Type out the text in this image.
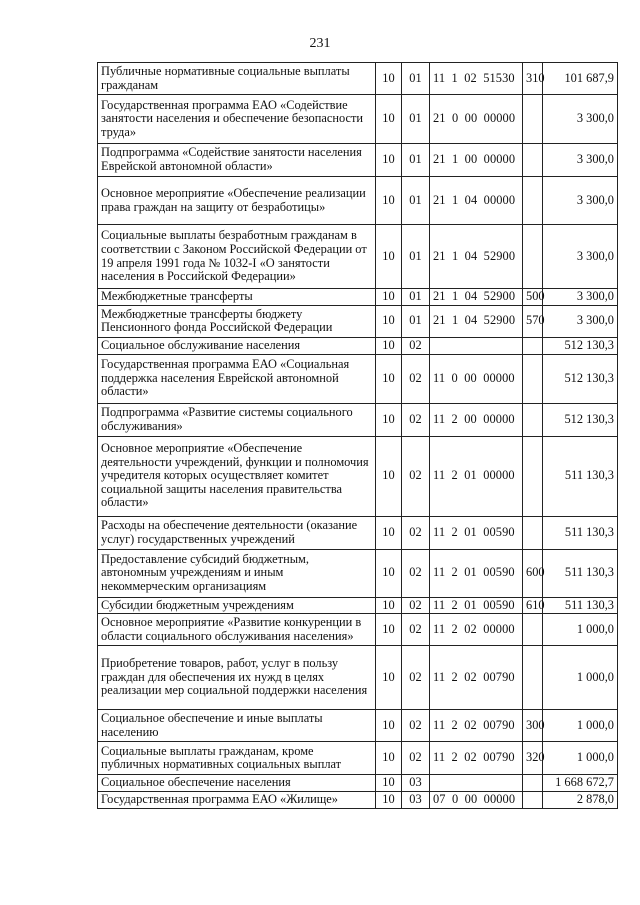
231
Публичные нормативные социальные выплаты гражданам	10	01	11  1  02  51530	310	101 687,9
Государственная программа ЕАО «Содействие занятости населения и обеспечение безопасности труда»	10	01	21  0  00  00000		3 300,0
Подпрограмма «Содействие занятости населения Еврейской автономной области»	10	01	21  1  00  00000		3 300,0
Основное мероприятие «Обеспечение реализации права граждан на защиту от безработицы»	10	01	21  1  04  00000		3 300,0
Социальные выплаты безработным гражданам в соответствии с Законом Российской Федерации от 19 апреля 1991 года № 1032-I «О занятости населения в Российской Федерации»	10	01	21  1  04  52900		3 300,0
Межбюджетные трансферты	10	01	21  1  04  52900	500	3 300,0
Межбюджетные трансферты бюджету Пенсионного фонда Российской Федерации	10	01	21  1  04  52900	570	3 300,0
Социальное обслуживание населения	10	02			512 130,3
Государственная программа ЕАО «Социальная поддержка населения Еврейской автономной области»	10	02	11  0  00  00000		512 130,3
Подпрограмма «Развитие системы социального обслуживания»	10	02	11  2  00  00000		512 130,3
Основное мероприятие «Обеспечение деятельности учреждений, функции и полномочия учредителя которых осуществляет комитет социальной защиты населения правительства области»	10	02	11  2  01  00000		511 130,3
Расходы на обеспечение деятельности (оказание услуг) государственных учреждений	10	02	11  2  01  00590		511 130,3
Предоставление субсидий бюджетным, автономным учреждениям и иным некоммерческим организациям	10	02	11  2  01  00590	600	511 130,3
Субсидии бюджетным учреждениям	10	02	11  2  01  00590	610	511 130,3
Основное мероприятие «Развитие конкуренции в области социального обслуживания населения»	10	02	11  2  02  00000		1 000,0
Приобретение товаров, работ, услуг в пользу граждан для обеспечения их нужд в целях реализации мер социальной поддержки населения	10	02	11  2  02  00790		1 000,0
Социальное обеспечение и иные выплаты населению	10	02	11  2  02  00790	300	1 000,0
Социальные выплаты гражданам, кроме публичных нормативных социальных выплат	10	02	11  2  02  00790	320	1 000,0
Социальное обеспечение населения	10	03			1 668 672,7
Государственная программа ЕАО «Жилище»	10	03	07  0  00  00000		2 878,0
